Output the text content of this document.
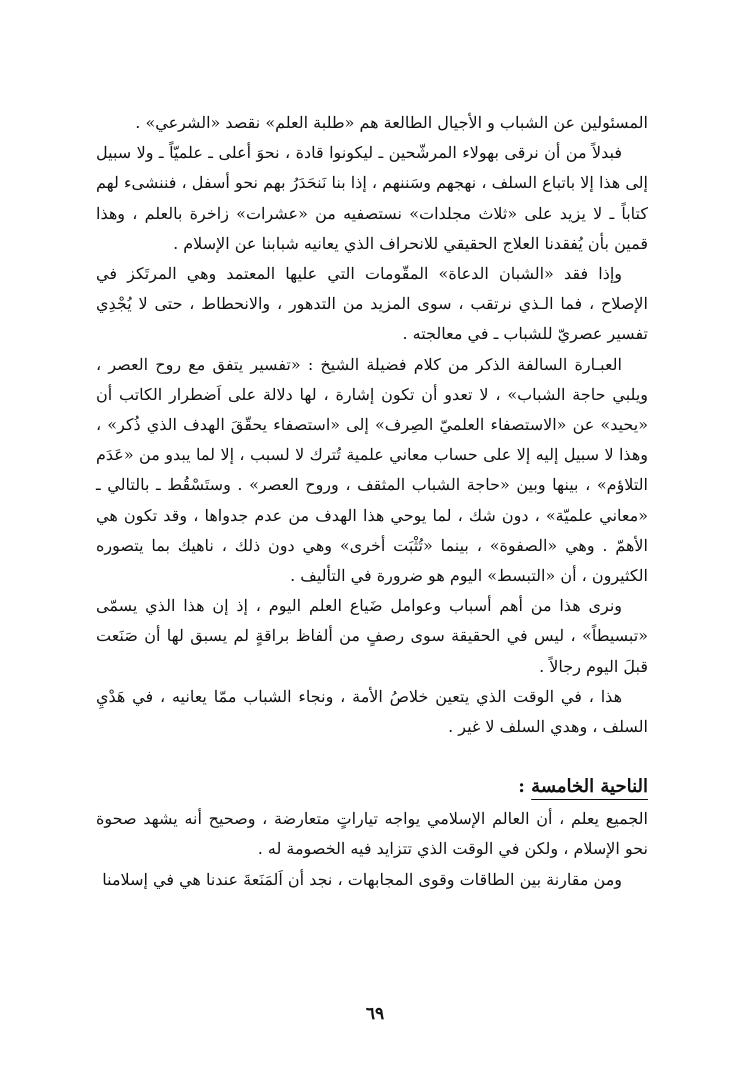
المسئولين عن الشباب و الأجيال الطالعة هم «طلبة العلم» نقصد «الشرعي» .

فبدلاً من أن نرقى بهولاء المرشّحين ـ ليكونوا قادة ، نحوَ أعلى ـ علميّاً ـ ولا سبيل إلى هذا إلا باتباع السلف ، نهجهم وسَننهم ، إذا بنا نَنحَدَرُ بهم نحو أسفل ، فننشىء لهم كتاباً ـ لا يزيد على «ثلاث مجلدات» نستصفيه من «عشرات» زاخرة بالعلم ، وهذا قمين بأن يُفقدنا العلاج الحقيقي للانحراف الذي يعانيه شبابنا عن الإسلام .

وإذا فقد «الشبان الدعاة» المقّومات التي عليها المعتمد وهي المرتَكز في الإصلاح ، فما الـذي نرتقب ، سوى المزيد من التدهور ، والانحطاط ، حتى لا يُجْدِي تفسير عصريّ للشباب ـ في معالجته .

العبـارة السالفة الذكر من كلام فضيلة الشيخ : «تفسير يتفق مع روح العصر ، ويلبي حاجة الشباب» ، لا تعدو أن تكون إشارة ، لها دلالة على اَضطرار الكاتب أن «يحيد» عن «الاستصفاء العلميّ الصِرف» إلى «استصفاء يحقّقَ الهدف الذي ذُكر» ، وهذا لا سبيل إليه إلا على حساب معاني علمية تُترك لا لسبب ، إلا لما يبدو من «عَدَم التلاؤم» ، بينها وبين «حاجة الشباب المثقف ، وروح العصر» . وستَسْقُط ـ بالتالي ـ «معاني علميّة» ، دون شك ، لما يوحي هذا الهدف من عدم جدواها ، وقد تكون هي الأهمّ . وهي «الصفوة» ، بينما «تُثْبَت أخرى» وهي دون ذلك ، ناهيك بما يتصوره الكثيرون ، أن «التبسط» اليوم هو ضرورة في التأليف .

ونرى هذا من أهم أسباب وعوامل ضَياع العلم اليوم ، إذ إن هذا الذي يسمّى «تبسيطاً» ، ليس في الحقيقة سوى رصفٍ من ألفاظ براقةٍ لم يسبق لها أن صَنَعت قبلَ اليوم رجالاً .

هذا ، في الوقت الذي يتعين خلاصُ الأمة ، ونجاء الشباب ممّا يعانيه ، في هَدْيِ السلف ، وهدي السلف لا غير .

الناحية الخامسة :

الجميع يعلم ، أن العالم الإسلامي يواجه تياراتٍ متعارضة ، وصحيح أنه يشهد صحوة نحو الإسلام ، ولكن في الوقت الذي تتزايد فيه الخصومة له .

ومن مقارنة بين الطاقات وقوى المجابهات ، نجد أن اَلمَنَعةَ عندنا هي في إسلامنا

٦٩
